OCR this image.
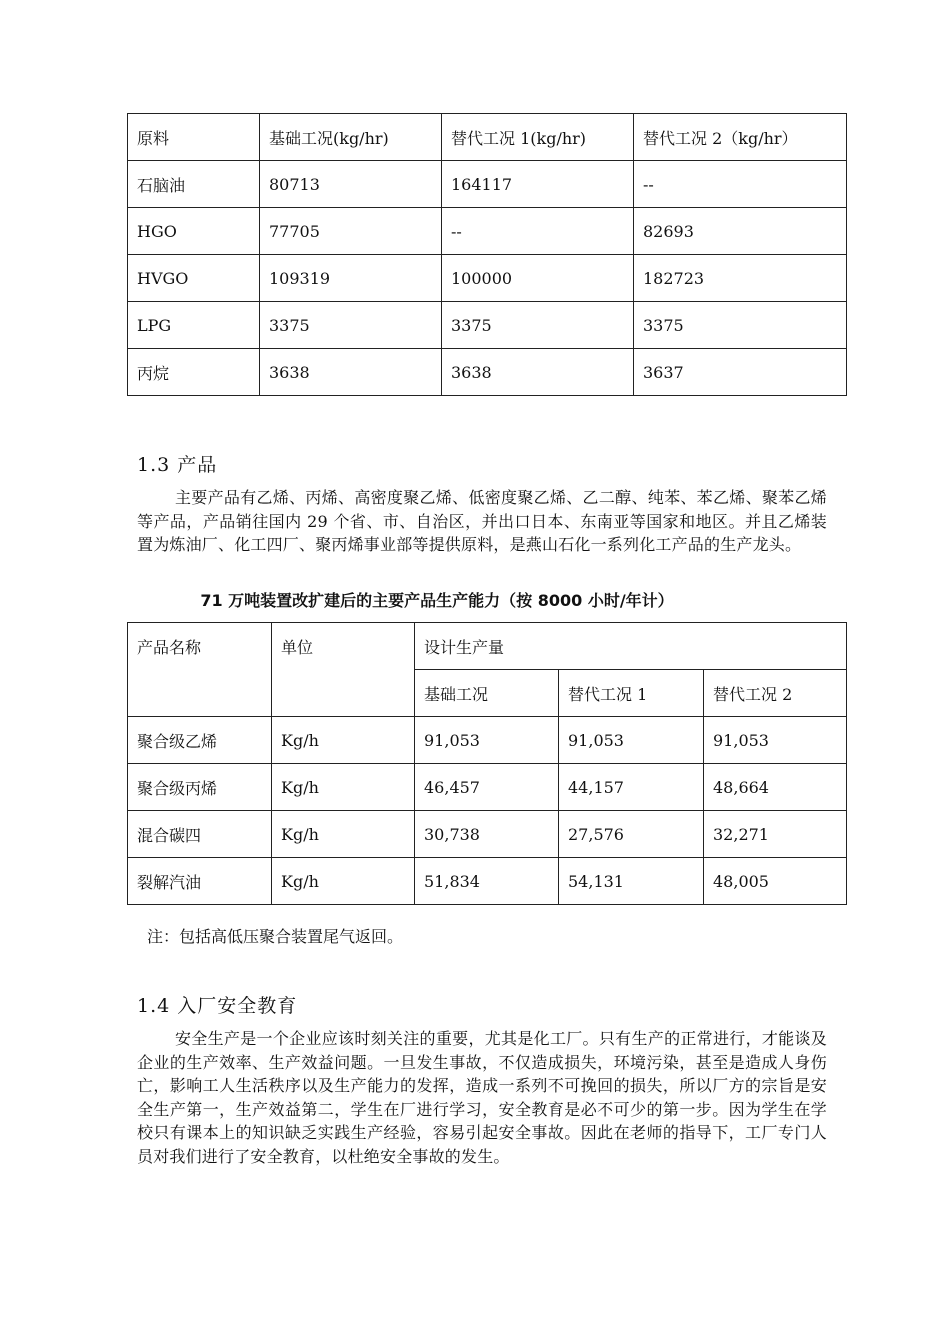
原料	基础工况(kg/hr)	替代工况 1(kg/hr)	替代工况 2（kg/hr）
石脑油	80713	164117	--
HGO	77705	--	82693
HVGO	109319	100000	182723
LPG	3375	3375	3375
丙烷	3638	3638	3637
1.3 产品
主要产品有乙烯、丙烯、高密度聚乙烯、低密度聚乙烯、乙二醇、纯苯、苯乙烯、聚苯乙烯等产品，产品销往国内 29 个省、市、自治区，并出口日本、东南亚等国家和地区。并且乙烯装置为炼油厂、化工四厂、聚丙烯事业部等提供原料，是燕山石化一系列化工产品的生产龙头。
71 万吨装置改扩建后的主要产品生产能力（按 8000 小时/年计）
产品名称	单位	设计生产量		
		基础工况	替代工况 1	替代工况 2
聚合级乙烯	Kg/h	91,053	91,053	91,053
聚合级丙烯	Kg/h	46,457	44,157	48,664
混合碳四	Kg/h	30,738	27,576	32,271
裂解汽油	Kg/h	51,834	54,131	48,005
注：包括高低压聚合装置尾气返回。
1.4 入厂安全教育
安全生产是一个企业应该时刻关注的重要，尤其是化工厂。只有生产的正常进行，才能谈及企业的生产效率、生产效益问题。一旦发生事故，不仅造成损失，环境污染，甚至是造成人身伤亡，影响工人生活秩序以及生产能力的发挥，造成一系列不可挽回的损失，所以厂方的宗旨是安全生产第一，生产效益第二，学生在厂进行学习，安全教育是必不可少的第一步。因为学生在学校只有课本上的知识缺乏实践生产经验，容易引起安全事故。因此在老师的指导下，工厂专门人员对我们进行了安全教育，以杜绝安全事故的发生。
